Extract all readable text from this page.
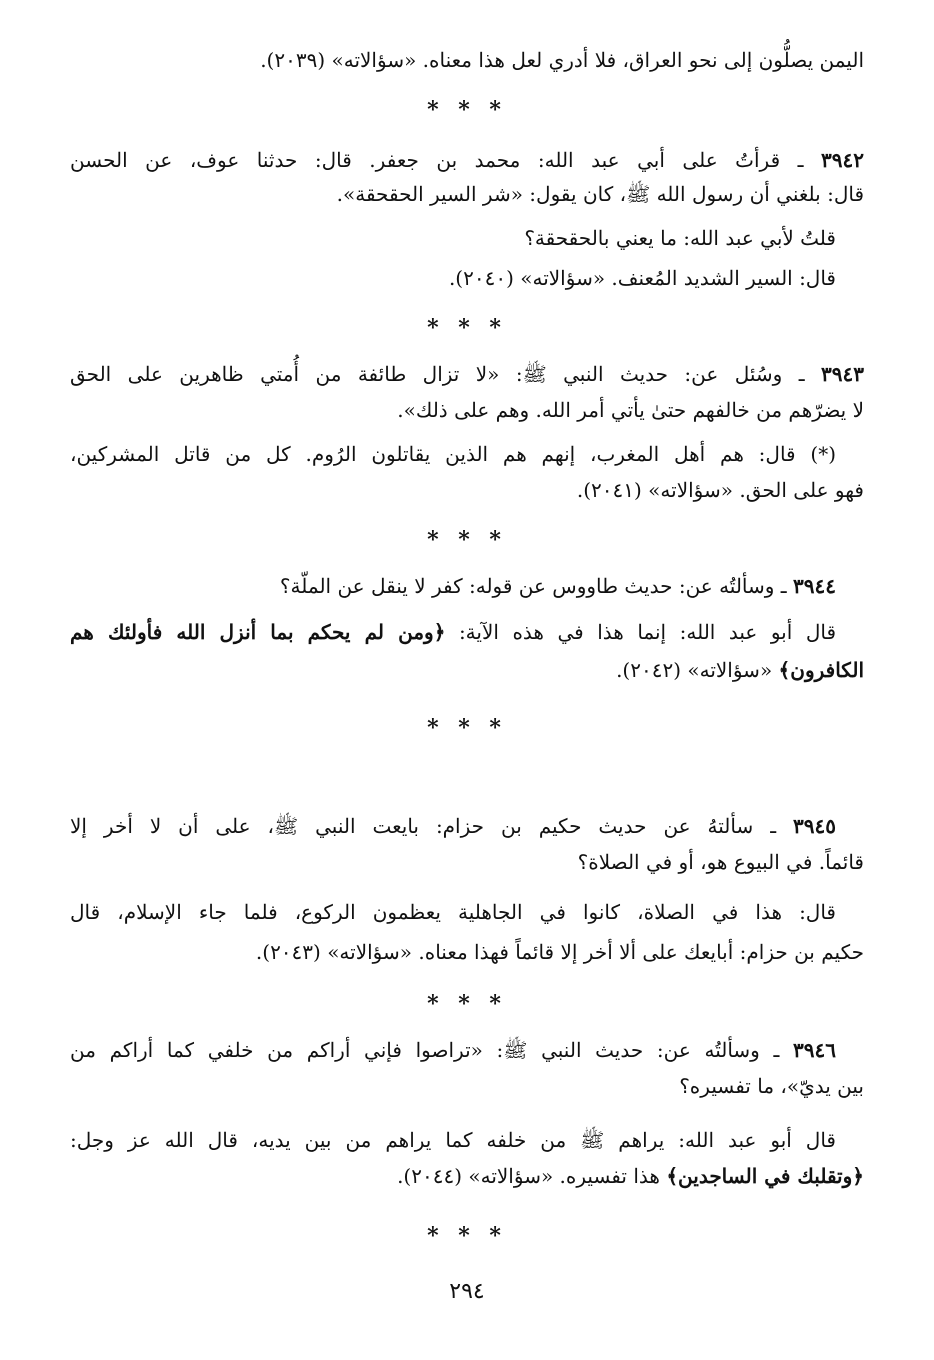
اليمن يصلُّون إلى نحو العراق، فلا أدري لعل هذا معناه. «سؤالاته» (٢٠٣٩).
* * *
٣٩٤٢ ـ قرأتُ على أبي عبد الله: محمد بن جعفر. قال: حدثنا عوف، عن الحسن
قال: بلغني أن رسول الله ﷺ، كان يقول: «شر السير الحقحقة».
قلتُ لأبي عبد الله: ما يعني بالحقحقة؟
قال: السير الشديد المُعنف. «سؤالاته» (٢٠٤٠).
* * *
٣٩٤٣ ـ وسُئل عن: حديث النبي ﷺ: «لا تزال طائفة من أُمتي ظاهرين على الحق
لا يضرّهم من خالفهم حتىٰ يأتي أمر الله. وهم على ذلك».
(*) قال: هم أهل المغرب، إنهم هم الذين يقاتلون الرُوم. كل من قاتل المشركين،
فهو على الحق. «سؤالاته» (٢٠٤١).
* * *
٣٩٤٤ ـ وسألتُه عن: حديث طاووس عن قوله: كفر لا ينقل عن الملّة؟
قال أبو عبد الله: إنما هذا في هذه الآية: ﴿ومن لم يحكم بما أنزل الله فأولئك هم
الكافرون﴾ «سؤالاته» (٢٠٤٢).
* * *
٣٩٤٥ ـ سألتهُ عن حديث حكيم بن حزام: بايعت النبي ﷺ، على أن لا أخر إلا
قائماً. في البيوع هو، أو في الصلاة؟
قال: هذا في الصلاة، كانوا في الجاهلية يعظمون الركوع، فلما جاء الإسلام، قال
حكيم بن حزام: أبايعك على ألا أخر إلا قائماً فهذا معناه. «سؤالاته» (٢٠٤٣).
* * *
٣٩٤٦ ـ وسألتُه عن: حديث النبي ﷺ: «تراصوا فإني أراكم من خلفي كما أراكم من
بين يديّ»، ما تفسيره؟
قال أبو عبد الله: يراهم ﷺ من خلفه كما يراهم من بين يديه، قال الله عز وجل:
﴿وتقلبك في الساجدين﴾ هذا تفسيره. «سؤالاته» (٢٠٤٤).
* * *
٢٩٤
